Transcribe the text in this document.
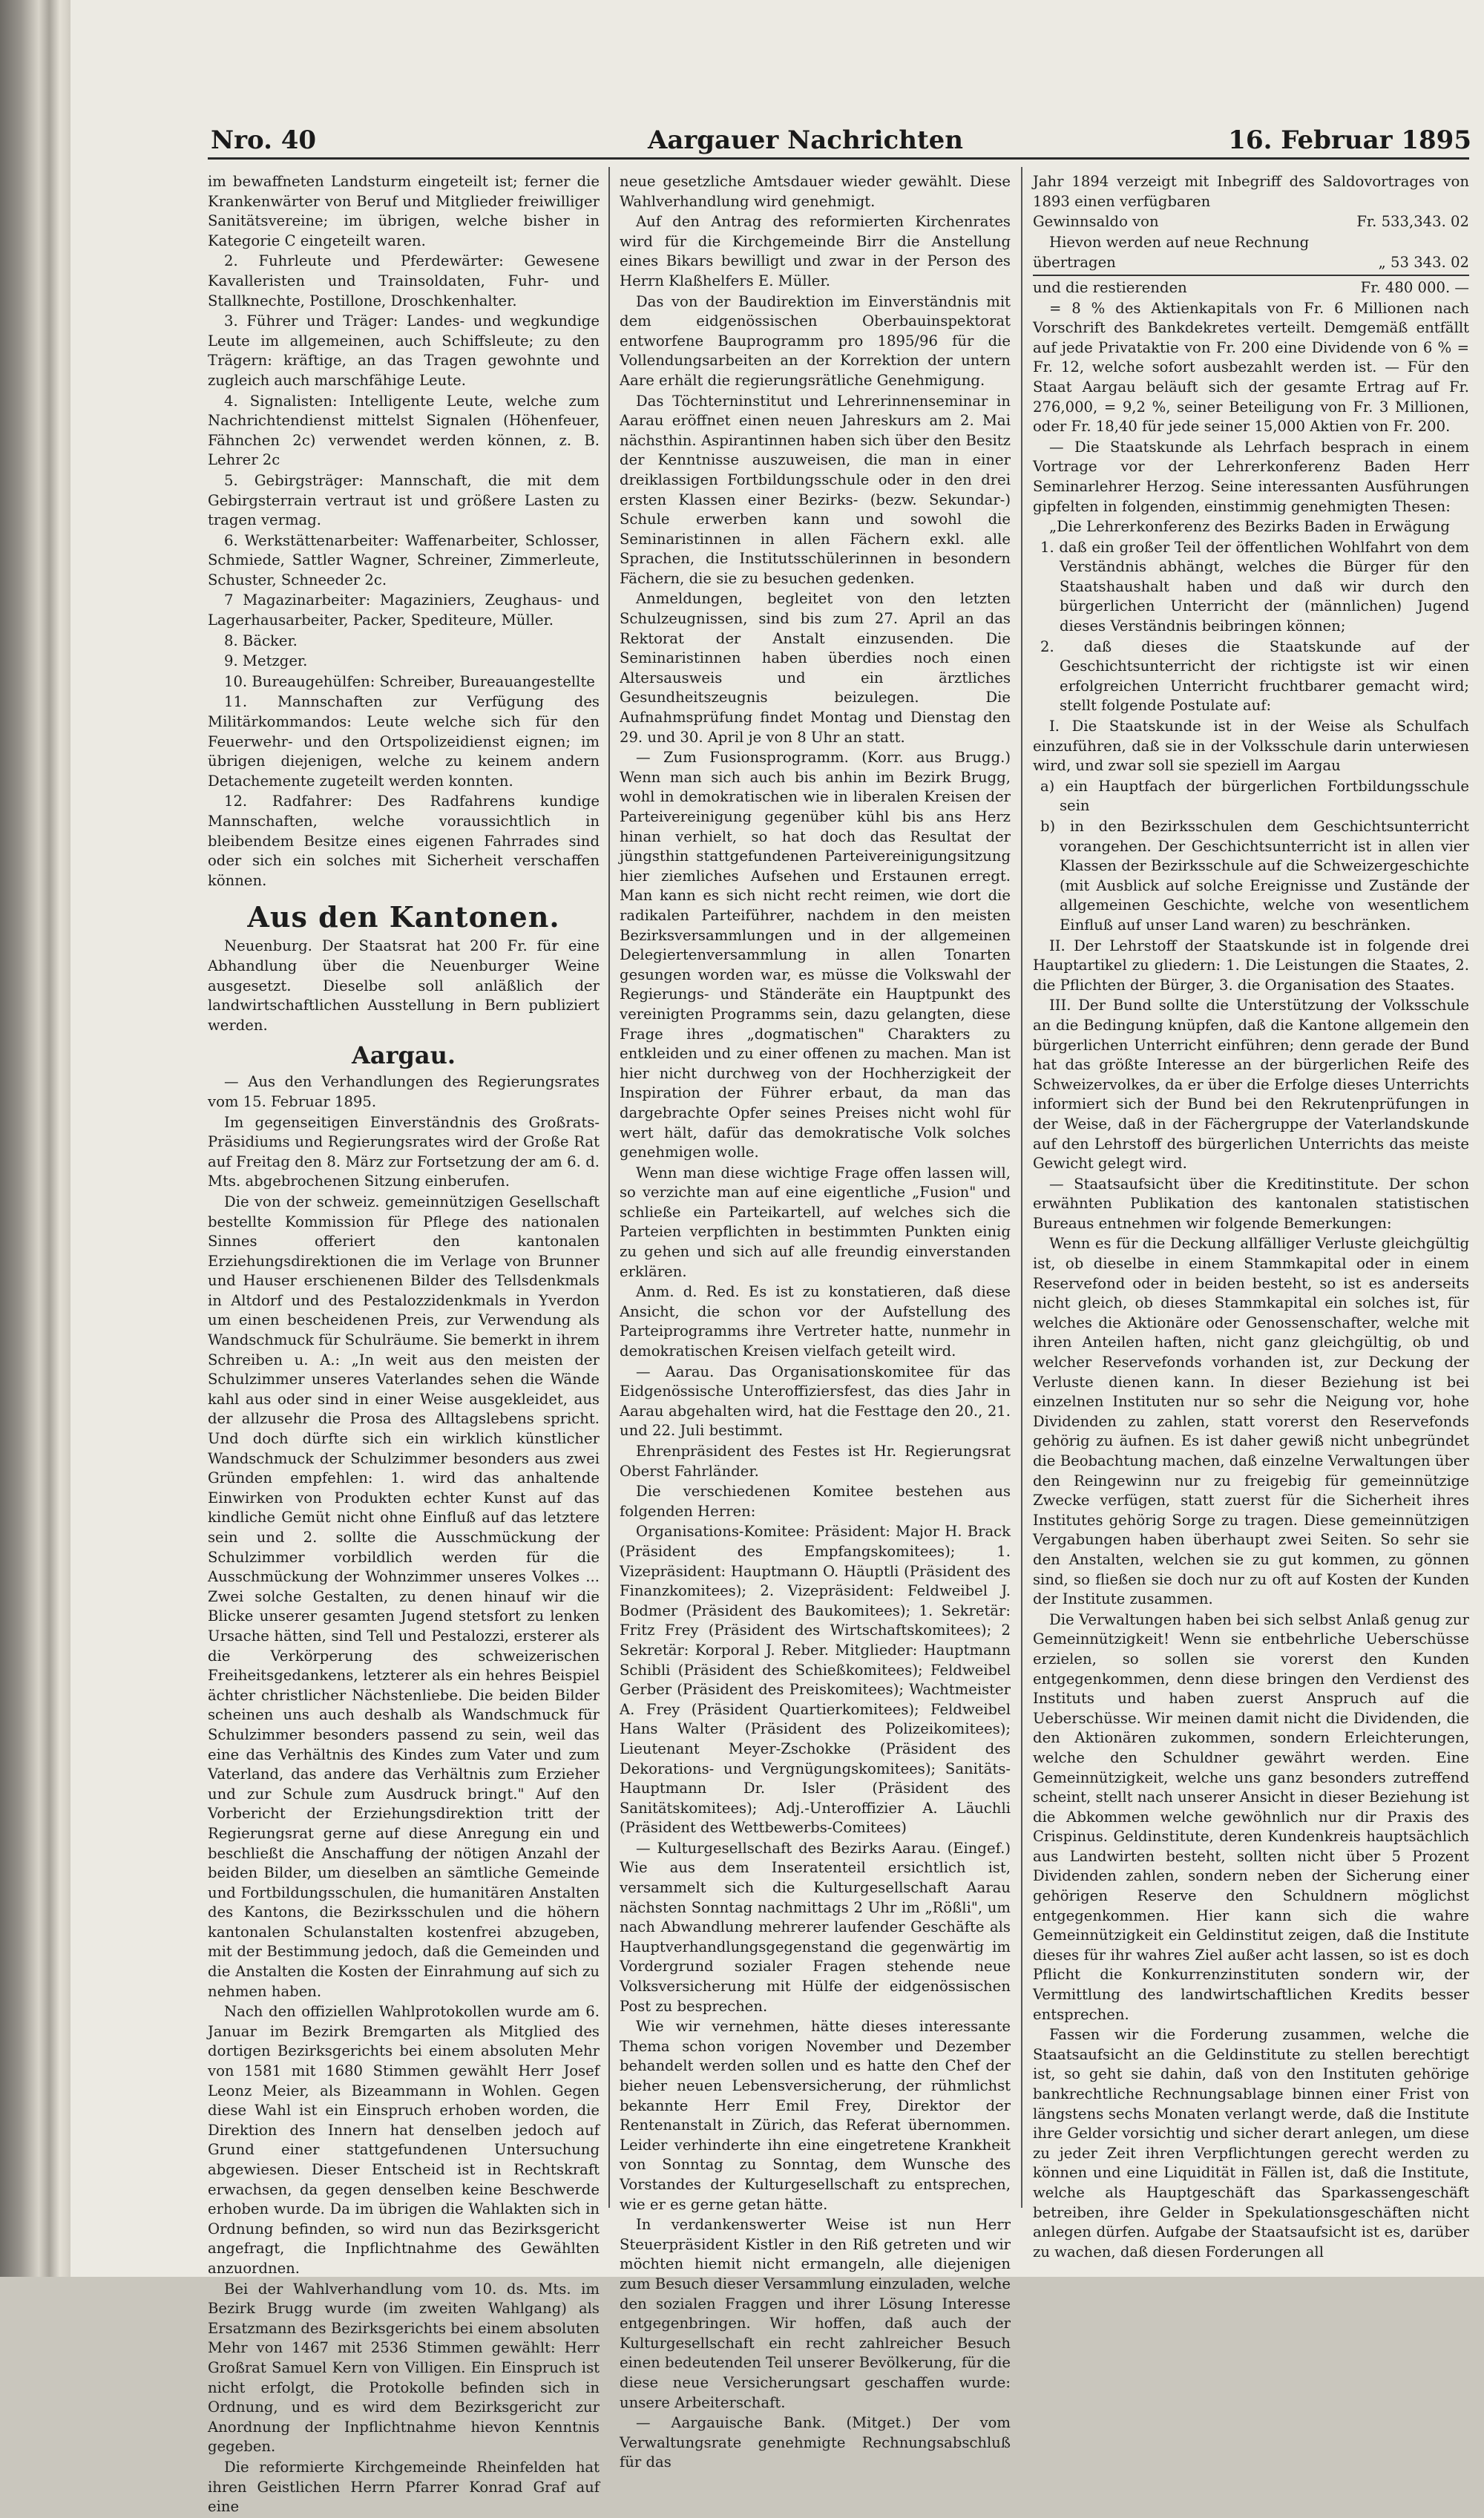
Nro. 40	Aargauer Nachrichten	16. Februar 1895

im bewaffneten Landsturm eingeteilt ist; ferner die Krankenwärter von Beruf und Mitglieder freiwilliger Sanitätsvereine; im übrigen, welche bisher in Kategorie C eingeteilt waren.

2. Fuhrleute und Pferdewärter: Gewesene Kavalleristen und Trainsoldaten, Fuhr- und Stallknechte, Postillone, Droschkenhalter.

3. Führer und Träger: Landes- und wegkundige Leute im allgemeinen, auch Schiffsleute; zu den Trägern: kräftige, an das Tragen gewohnte und zugleich auch marschfähige Leute.

4. Signalisten: Intelligente Leute, welche zum Nachrichtendienst mittelst Signalen (Höhenfeuer, Fähnchen 2c) verwendet werden können, z. B. Lehrer 2c

5. Gebirgsträger: Mannschaft, die mit dem Gebirgsterrain vertraut ist und größere Lasten zu tragen vermag.

6. Werkstättenarbeiter: Waffenarbeiter, Schlosser, Schmiede, Sattler Wagner, Schreiner, Zimmerleute, Schuster, Schneeder 2c.

7 Magazinarbeiter: Magaziniers, Zeughaus- und Lagerhausarbeiter, Packer, Spediteure, Müller.

8. Bäcker.

9. Metzger.

10. Bureaugehülfen: Schreiber, Bureauangestellte

11. Mannschaften zur Verfügung des Militärkommandos: Leute welche sich für den Feuerwehr- und den Ortspolizeidienst eignen; im übrigen diejenigen, welche zu keinem andern Detachemente zugeteilt werden konnten.

12. Radfahrer: Des Radfahrens kundige Mannschaften, welche voraussichtlich in bleibendem Besitze eines eigenen Fahrrades sind oder sich ein solches mit Sicherheit verschaffen können.

Aus den Kantonen.

Neuenburg. Der Staatsrat hat 200 Fr. für eine Abhandlung über die Neuenburger Weine ausgesetzt. Dieselbe soll anläßlich der landwirtschaftlichen Ausstellung in Bern publiziert werden.

Aargau.

— Aus den Verhandlungen des Regierungsrates vom 15. Februar 1895.

Im gegenseitigen Einverständnis des Großrats-Präsidiums und Regierungsrates wird der Große Rat auf Freitag den 8. März zur Fortsetzung der am 6. d. Mts. abgebrochenen Sitzung einberufen.

Die von der schweiz. gemeinnützigen Gesellschaft bestellte Kommission für Pflege des nationalen Sinnes offeriert den kantonalen Erziehungsdirektionen die im Verlage von Brunner und Hauser erschienenen Bilder des Tellsdenkmals in Altdorf und des Pestalozzidenkmals in Yverdon um einen bescheidenen Preis, zur Verwendung als Wandschmuck für Schulräume. Sie bemerkt in ihrem Schreiben u. A.: „In weit aus den meisten der Schulzimmer unseres Vaterlandes sehen die Wände kahl aus oder sind in einer Weise ausgekleidet, aus der allzusehr die Prosa des Alltagslebens spricht. Und doch dürfte sich ein wirklich künstlicher Wandschmuck der Schulzimmer besonders aus zwei Gründen empfehlen: 1. wird das anhaltende Einwirken von Produkten echter Kunst auf das kindliche Gemüt nicht ohne Einfluß auf das letztere sein und 2. sollte die Ausschmückung der Schulzimmer vorbildlich werden für die Ausschmückung der Wohnzimmer unseres Volkes ... Zwei solche Gestalten, zu denen hinauf wir die Blicke unserer gesamten Jugend stetsfort zu lenken Ursache hätten, sind Tell und Pestalozzi, ersterer als die Verkörperung des schweizerischen Freiheitsgedankens, letzterer als ein hehres Beispiel ächter christlicher Nächstenliebe. Die beiden Bilder scheinen uns auch deshalb als Wandschmuck für Schulzimmer besonders passend zu sein, weil das eine das Verhältnis des Kindes zum Vater und zum Vaterland, das andere das Verhältnis zum Erzieher und zur Schule zum Ausdruck bringt." Auf den Vorbericht der Erziehungsdirektion tritt der Regierungsrat gerne auf diese Anregung ein und beschließt die Anschaffung der nötigen Anzahl der beiden Bilder, um dieselben an sämtliche Gemeinde und Fortbildungsschulen, die humanitären Anstalten des Kantons, die Bezirksschulen und die höhern kantonalen Schulanstalten kostenfrei abzugeben, mit der Bestimmung jedoch, daß die Gemeinden und die Anstalten die Kosten der Einrahmung auf sich zu nehmen haben.

Nach den offiziellen Wahlprotokollen wurde am 6. Januar im Bezirk Bremgarten als Mitglied des dortigen Bezirksgerichts bei einem absoluten Mehr von 1581 mit 1680 Stimmen gewählt Herr Josef Leonz Meier, als Bizeammann in Wohlen. Gegen diese Wahl ist ein Einspruch erhoben worden, die Direktion des Innern hat denselben jedoch auf Grund einer stattgefundenen Untersuchung abgewiesen. Dieser Entscheid ist in Rechtskraft erwachsen, da gegen denselben keine Beschwerde erhoben wurde. Da im übrigen die Wahlakten sich in Ordnung befinden, so wird nun das Bezirksgericht angefragt, die Inpflichtnahme des Gewählten anzuordnen.

Bei der Wahlverhandlung vom 10. ds. Mts. im Bezirk Brugg wurde (im zweiten Wahlgang) als Ersatzmann des Bezirksgerichts bei einem absoluten Mehr von 1467 mit 2536 Stimmen gewählt: Herr Großrat Samuel Kern von Villigen. Ein Einspruch ist nicht erfolgt, die Protokolle befinden sich in Ordnung, und es wird dem Bezirksgericht zur Anordnung der Inpflichtnahme hievon Kenntnis gegeben.

Die reformierte Kirchgemeinde Rheinfelden hat ihren Geistlichen Herrn Pfarrer Konrad Graf auf eine

neue gesetzliche Amtsdauer wieder gewählt. Diese Wahlverhandlung wird genehmigt.

Auf den Antrag des reformierten Kirchenrates wird für die Kirchgemeinde Birr die Anstellung eines Bikars bewilligt und zwar in der Person des Herrn Klaßhelfers E. Müller.

Das von der Baudirektion im Einverständnis mit dem eidgenössischen Oberbauinspektorat entworfene Bauprogramm pro 1895/96 für die Vollendungsarbeiten an der Korrektion der untern Aare erhält die regierungsrätliche Genehmigung.

Das Töchterninstitut und Lehrerinnenseminar in Aarau eröffnet einen neuen Jahreskurs am 2. Mai nächsthin. Aspirantinnen haben sich über den Besitz der Kenntnisse auszuweisen, die man in einer dreiklassigen Fortbildungsschule oder in den drei ersten Klassen einer Bezirks- (bezw. Sekundar-) Schule erwerben kann und sowohl die Seminaristinnen in allen Fächern exkl. alle Sprachen, die Institutsschülerinnen in besondern Fächern, die sie zu besuchen gedenken.

Anmeldungen, begleitet von den letzten Schulzeugnissen, sind bis zum 27. April an das Rektorat der Anstalt einzusenden. Die Seminaristinnen haben überdies noch einen Altersausweis und ein ärztliches Gesundheitszeugnis beizulegen. Die Aufnahmsprüfung findet Montag und Dienstag den 29. und 30. April je von 8 Uhr an statt.

— Zum Fusionsprogramm. (Korr. aus Brugg.) Wenn man sich auch bis anhin im Bezirk Brugg, wohl in demokratischen wie in liberalen Kreisen der Parteivereinigung gegenüber kühl bis ans Herz hinan verhielt, so hat doch das Resultat der jüngsthin stattgefundenen Parteivereinigungsitzung hier ziemliches Aufsehen und Erstaunen erregt. Man kann es sich nicht recht reimen, wie dort die radikalen Parteiführer, nachdem in den meisten Bezirksversammlungen und in der allgemeinen Delegiertenversammlung in allen Tonarten gesungen worden war, es müsse die Volkswahl der Regierungs- und Ständeräte ein Hauptpunkt des vereinigten Programms sein, dazu gelangten, diese Frage ihres „dogmatischen" Charakters zu entkleiden und zu einer offenen zu machen. Man ist hier nicht durchweg von der Hochherzigkeit der Inspiration der Führer erbaut, da man das dargebrachte Opfer seines Preises nicht wohl für wert hält, dafür das demokratische Volk solches genehmigen wolle.

Wenn man diese wichtige Frage offen lassen will, so verzichte man auf eine eigentliche „Fusion" und schließe ein Parteikartell, auf welches sich die Parteien verpflichten in bestimmten Punkten einig zu gehen und sich auf alle freundig einverstanden erklären.

Anm. d. Red. Es ist zu konstatieren, daß diese Ansicht, die schon vor der Aufstellung des Parteiprogramms ihre Vertreter hatte, nunmehr in demokratischen Kreisen vielfach geteilt wird.

— Aarau. Das Organisationskomitee für das Eidgenössische Unteroffiziersfest, das dies Jahr in Aarau abgehalten wird, hat die Festtage den 20., 21. und 22. Juli bestimmt.

Ehrenpräsident des Festes ist Hr. Regierungsrat Oberst Fahrländer.

Die verschiedenen Komitee bestehen aus folgenden Herren:

Organisations-Komitee: Präsident: Major H. Brack (Präsident des Empfangskomitees); 1. Vizepräsident: Hauptmann O. Häuptli (Präsident des Finanzkomitees); 2. Vizepräsident: Feldweibel J. Bodmer (Präsident des Baukomitees); 1. Sekretär: Fritz Frey (Präsident des Wirtschaftskomitees); 2 Sekretär: Korporal J. Reber. Mitglieder: Hauptmann Schibli (Präsident des Schießkomitees); Feldweibel Gerber (Präsident des Preiskomitees); Wachtmeister A. Frey (Präsident Quartierkomitees); Feldweibel Hans Walter (Präsident des Polizeikomitees); Lieutenant Meyer-Zschokke (Präsident des Dekorations- und Vergnügungskomitees); Sanitäts-Hauptmann Dr. Isler (Präsident des Sanitätskomitees); Adj.-Unteroffizier A. Läuchli (Präsident des Wettbewerbs-Comitees)

— Kulturgesellschaft des Bezirks Aarau. (Eingef.) Wie aus dem Inseratenteil ersichtlich ist, versammelt sich die Kulturgesellschaft Aarau nächsten Sonntag nachmittags 2 Uhr im „Rößli", um nach Abwandlung mehrerer laufender Geschäfte als Hauptverhandlungsgegenstand die gegenwärtig im Vordergrund sozialer Fragen stehende neue Volksversicherung mit Hülfe der eidgenössischen Post zu besprechen.

Wie wir vernehmen, hätte dieses interessante Thema schon vorigen November und Dezember behandelt werden sollen und es hatte den Chef der bieher neuen Lebensversicherung, der rühmlichst bekannte Herr Emil Frey, Direktor der Rentenanstalt in Zürich, das Referat übernommen. Leider verhinderte ihn eine eingetretene Krankheit von Sonntag zu Sonntag, dem Wunsche des Vorstandes der Kulturgesellschaft zu entsprechen, wie er es gerne getan hätte.

In verdankenswerter Weise ist nun Herr Steuerpräsident Kistler in den Riß getreten und wir möchten hiemit nicht ermangeln, alle diejenigen zum Besuch dieser Versammlung einzuladen, welche den sozialen Fraggen und ihrer Lösung Interesse entgegenbringen. Wir hoffen, daß auch der Kulturgesellschaft ein recht zahlreicher Besuch einen bedeutenden Teil unserer Bevölkerung, für die diese neue Versicherungsart geschaffen wurde: unsere Arbeiterschaft.

— Aargauische Bank. (Mitget.) Der vom Verwaltungsrate genehmigte Rechnungsabschluß für das

Jahr 1894 verzeigt mit Inbegriff des Saldovortrages von 1893 einen verfügbaren

Gewinnsaldo von	Fr. 533,343. 02

Hievon werden auf neue Rechnung

übertragen	„ 53 343. 02

und die restierenden	Fr. 480 000. —

= 8 % des Aktienkapitals von Fr. 6 Millionen nach Vorschrift des Bankdekretes verteilt. Demgemäß entfällt auf jede Privataktie von Fr. 200 eine Dividende von 6 % = Fr. 12, welche sofort ausbezahlt werden ist. — Für den Staat Aargau beläuft sich der gesamte Ertrag auf Fr. 276,000, = 9,2 %, seiner Beteiligung von Fr. 3 Millionen, oder Fr. 18,40 für jede seiner 15,000 Aktien von Fr. 200.

— Die Staatskunde als Lehrfach besprach in einem Vortrage vor der Lehrerkonferenz Baden Herr Seminarlehrer Herzog. Seine interessanten Ausführungen gipfelten in folgenden, einstimmig genehmigten Thesen:

„Die Lehrerkonferenz des Bezirks Baden in Erwägung

1. daß ein großer Teil der öffentlichen Wohlfahrt von dem Verständnis abhängt, welches die Bürger für den Staatshaushalt haben und daß wir durch den bürgerlichen Unterricht der (männlichen) Jugend dieses Verständnis beibringen können;

2. daß dieses die Staatskunde auf der Geschichtsunterricht der richtigste ist wir einen erfolgreichen Unterricht fruchtbarer gemacht wird; stellt folgende Postulate auf:

I. Die Staatskunde ist in der Weise als Schulfach einzuführen, daß sie in der Volksschule darin unterwiesen wird, und zwar soll sie speziell im Aargau

a) ein Hauptfach der bürgerlichen Fortbildungsschule sein

b) in den Bezirksschulen dem Geschichtsunterricht vorangehen. Der Geschichtsunterricht ist in allen vier Klassen der Bezirksschule auf die Schweizergeschichte (mit Ausblick auf solche Ereignisse und Zustände der allgemeinen Geschichte, welche von wesentlichem Einfluß auf unser Land waren) zu beschränken.

II. Der Lehrstoff der Staatskunde ist in folgende drei Hauptartikel zu gliedern: 1. Die Leistungen die Staates, 2. die Pflichten der Bürger, 3. die Organisation des Staates.

III. Der Bund sollte die Unterstützung der Volksschule an die Bedingung knüpfen, daß die Kantone allgemein den bürgerlichen Unterricht einführen; denn gerade der Bund hat das größte Interesse an der bürgerlichen Reife des Schweizervolkes, da er über die Erfolge dieses Unterrichts informiert sich der Bund bei den Rekrutenprüfungen in der Weise, daß in der Fächergruppe der Vaterlandskunde auf den Lehrstoff des bürgerlichen Unterrichts das meiste Gewicht gelegt wird.

— Staatsaufsicht über die Kreditinstitute. Der schon erwähnten Publikation des kantonalen statistischen Bureaus entnehmen wir folgende Bemerkungen:

Wenn es für die Deckung allfälliger Verluste gleichgültig ist, ob dieselbe in einem Stammkapital oder in einem Reservefond oder in beiden besteht, so ist es anderseits nicht gleich, ob dieses Stammkapital ein solches ist, für welches die Aktionäre oder Genossenschafter, welche mit ihren Anteilen haften, nicht ganz gleichgültig, ob und welcher Reservefonds vorhanden ist, zur Deckung der Verluste dienen kann. In dieser Beziehung ist bei einzelnen Instituten nur so sehr die Neigung vor, hohe Dividenden zu zahlen, statt vorerst den Reservefonds gehörig zu äufnen. Es ist daher gewiß nicht unbegründet die Beobachtung machen, daß einzelne Verwaltungen über den Reingewinn nur zu freigebig für gemeinnützige Zwecke verfügen, statt zuerst für die Sicherheit ihres Institutes gehörig Sorge zu tragen. Diese gemeinnützigen Vergabungen haben überhaupt zwei Seiten. So sehr sie den Anstalten, welchen sie zu gut kommen, zu gönnen sind, so fließen sie doch nur zu oft auf Kosten der Kunden der Institute zusammen.

Die Verwaltungen haben bei sich selbst Anlaß genug zur Gemeinnützigkeit! Wenn sie entbehrliche Ueberschüsse erzielen, so sollen sie vorerst den Kunden entgegenkommen, denn diese bringen den Verdienst des Instituts und haben zuerst Anspruch auf die Ueberschüsse. Wir meinen damit nicht die Dividenden, die den Aktionären zukommen, sondern Erleichterungen, welche den Schuldner gewährt werden. Eine Gemeinnützigkeit, welche uns ganz besonders zutreffend scheint, stellt nach unserer Ansicht in dieser Beziehung ist die Abkommen welche gewöhnlich nur dir Praxis des Crispinus. Geldinstitute, deren Kundenkreis hauptsächlich aus Landwirten besteht, sollten nicht über 5 Prozent Dividenden zahlen, sondern neben der Sicherung einer gehörigen Reserve den Schuldnern möglichst entgegenkommen. Hier kann sich die wahre Gemeinnützigkeit ein Geldinstitut zeigen, daß die Institute dieses für ihr wahres Ziel außer acht lassen, so ist es doch Pflicht die Konkurrenzinstituten sondern wir, der Vermittlung des landwirtschaftlichen Kredits besser entsprechen.

Fassen wir die Forderung zusammen, welche die Staatsaufsicht an die Geldinstitute zu stellen berechtigt ist, so geht sie dahin, daß von den Instituten gehörige bankrechtliche Rechnungsablage binnen einer Frist von längstens sechs Monaten verlangt werde, daß die Institute ihre Gelder vorsichtig und sicher derart anlegen, um diese zu jeder Zeit ihren Verpflichtungen gerecht werden zu können und eine Liquidität in Fällen ist, daß die Institute, welche als Hauptgeschäft das Sparkassengeschäft betreiben, ihre Gelder in Spekulationsgeschäften nicht anlegen dürfen. Aufgabe der Staatsaufsicht ist es, darüber zu wachen, daß diesen Forderungen all
